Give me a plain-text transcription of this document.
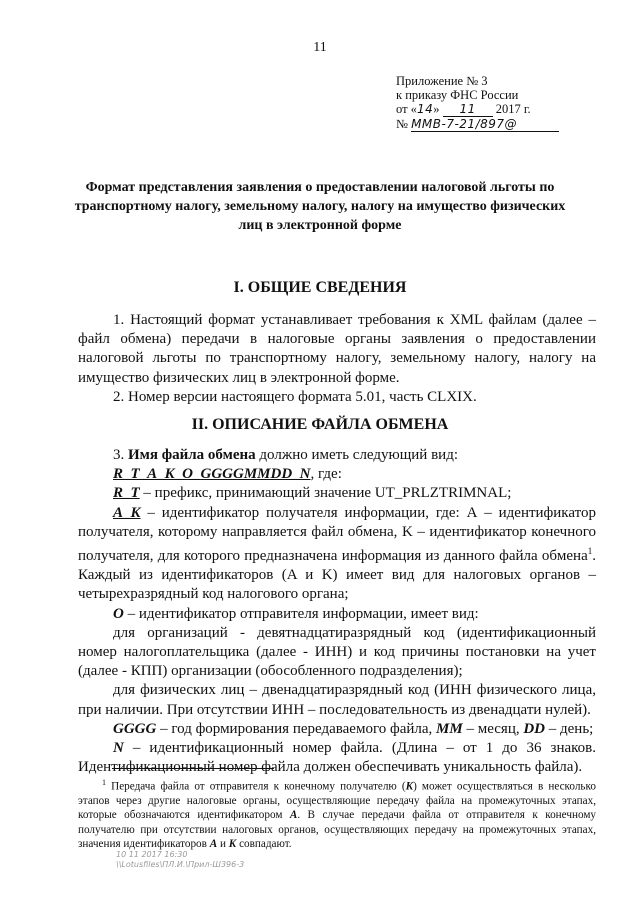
11
Приложение № 3
к приказу ФНС России
от «14» 11 2017 г.
№ ММВ-7-21/897@
Формат представления заявления о предоставлении налоговой льготы по транспортному налогу, земельному налогу, налогу на имущество физических лиц в электронной форме
I. ОБЩИЕ СВЕДЕНИЯ

1. Настоящий формат устанавливает требования к XML файлам (далее – файл обмена) передачи в налоговые органы заявления о предоставлении налоговой льготы по транспортному налогу, земельному налогу, налогу на имущество физических лиц в электронной форме.

2. Номер версии настоящего формата 5.01, часть CLXIX.

II. ОПИСАНИЕ ФАЙЛА ОБМЕНА

3. Имя файла обмена должно иметь следующий вид:

R_T_A_K_O_GGGGMMDD_N, где:

R_T – префикс, принимающий значение UT_PRLZTRIMNAL;

A_K – идентификатор получателя информации, где: А – идентификатор получателя, которому направляется файл обмена, K – идентификатор конечного получателя, для которого предназначена информация из данного файла обмена$^1$. Каждый из идентификаторов (A и K) имеет вид для налоговых органов – четырехразрядный код налогового органа;

O – идентификатор отправителя информации, имеет вид:

для организаций - девятнадцатиразрядный код (идентификационный номер налогоплательщика (далее - ИНН) и код причины постановки на учет (далее - КПП) организации (обособленного подразделения);

для физических лиц – двенадцатиразрядный код (ИНН физического лица, при наличии. При отсутствии ИНН – последовательность из двенадцати нулей).

GGGG – год формирования передаваемого файла, MM – месяц, DD – день;

N – идентификационный номер файла. (Длина – от 1 до 36 знаков. Идентификационный номер файла должен обеспечивать уникальность файла).

$^1$ Передача файла от отправителя к конечному получателю (K) может осуществляться в несколько этапов через другие налоговые органы, осуществляющие передачу файла на промежуточных этапах, которые обозначаются идентификатором A. В случае передачи файла от отправителя к конечному получателю при отсутствии налоговых органов, осуществляющих передачу на промежуточных этапах, значения идентификаторов A и K совпадают.

10 11 2017 16:30
\\Lotusfiles\ПЛ.И.\Прил-Ш396-3
